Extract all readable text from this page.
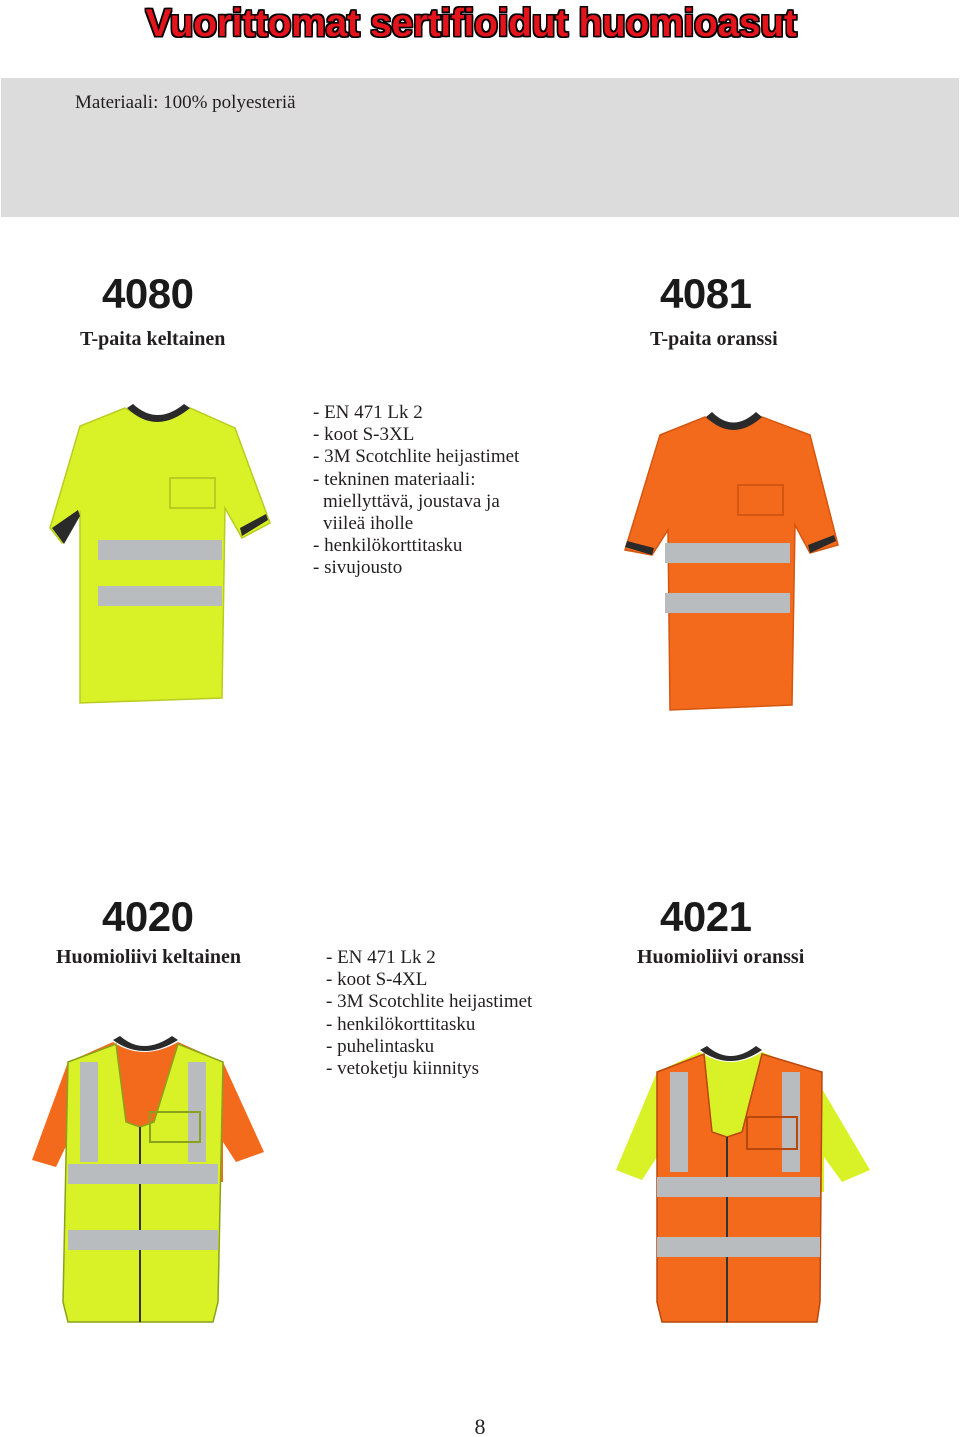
Vuorittomat sertifioidut huomioasut
Materiaali: 100% polyesteriä
4080
T-paita keltainen
4081
T-paita oranssi
- EN 471 Lk 2
- koot S-3XL
- 3M Scotchlite heijastimet
- tekninen materiaali:
miellyttävä, joustava ja
viileä iholle
- henkilökorttitasku
- sivujousto
4020
Huomioliivi keltainen
4021
Huomioliivi oranssi
- EN 471 Lk 2
- koot S-4XL
- 3M Scotchlite heijastimet
- henkilökorttitasku
- puhelintasku
- vetoketju kiinnitys
8
